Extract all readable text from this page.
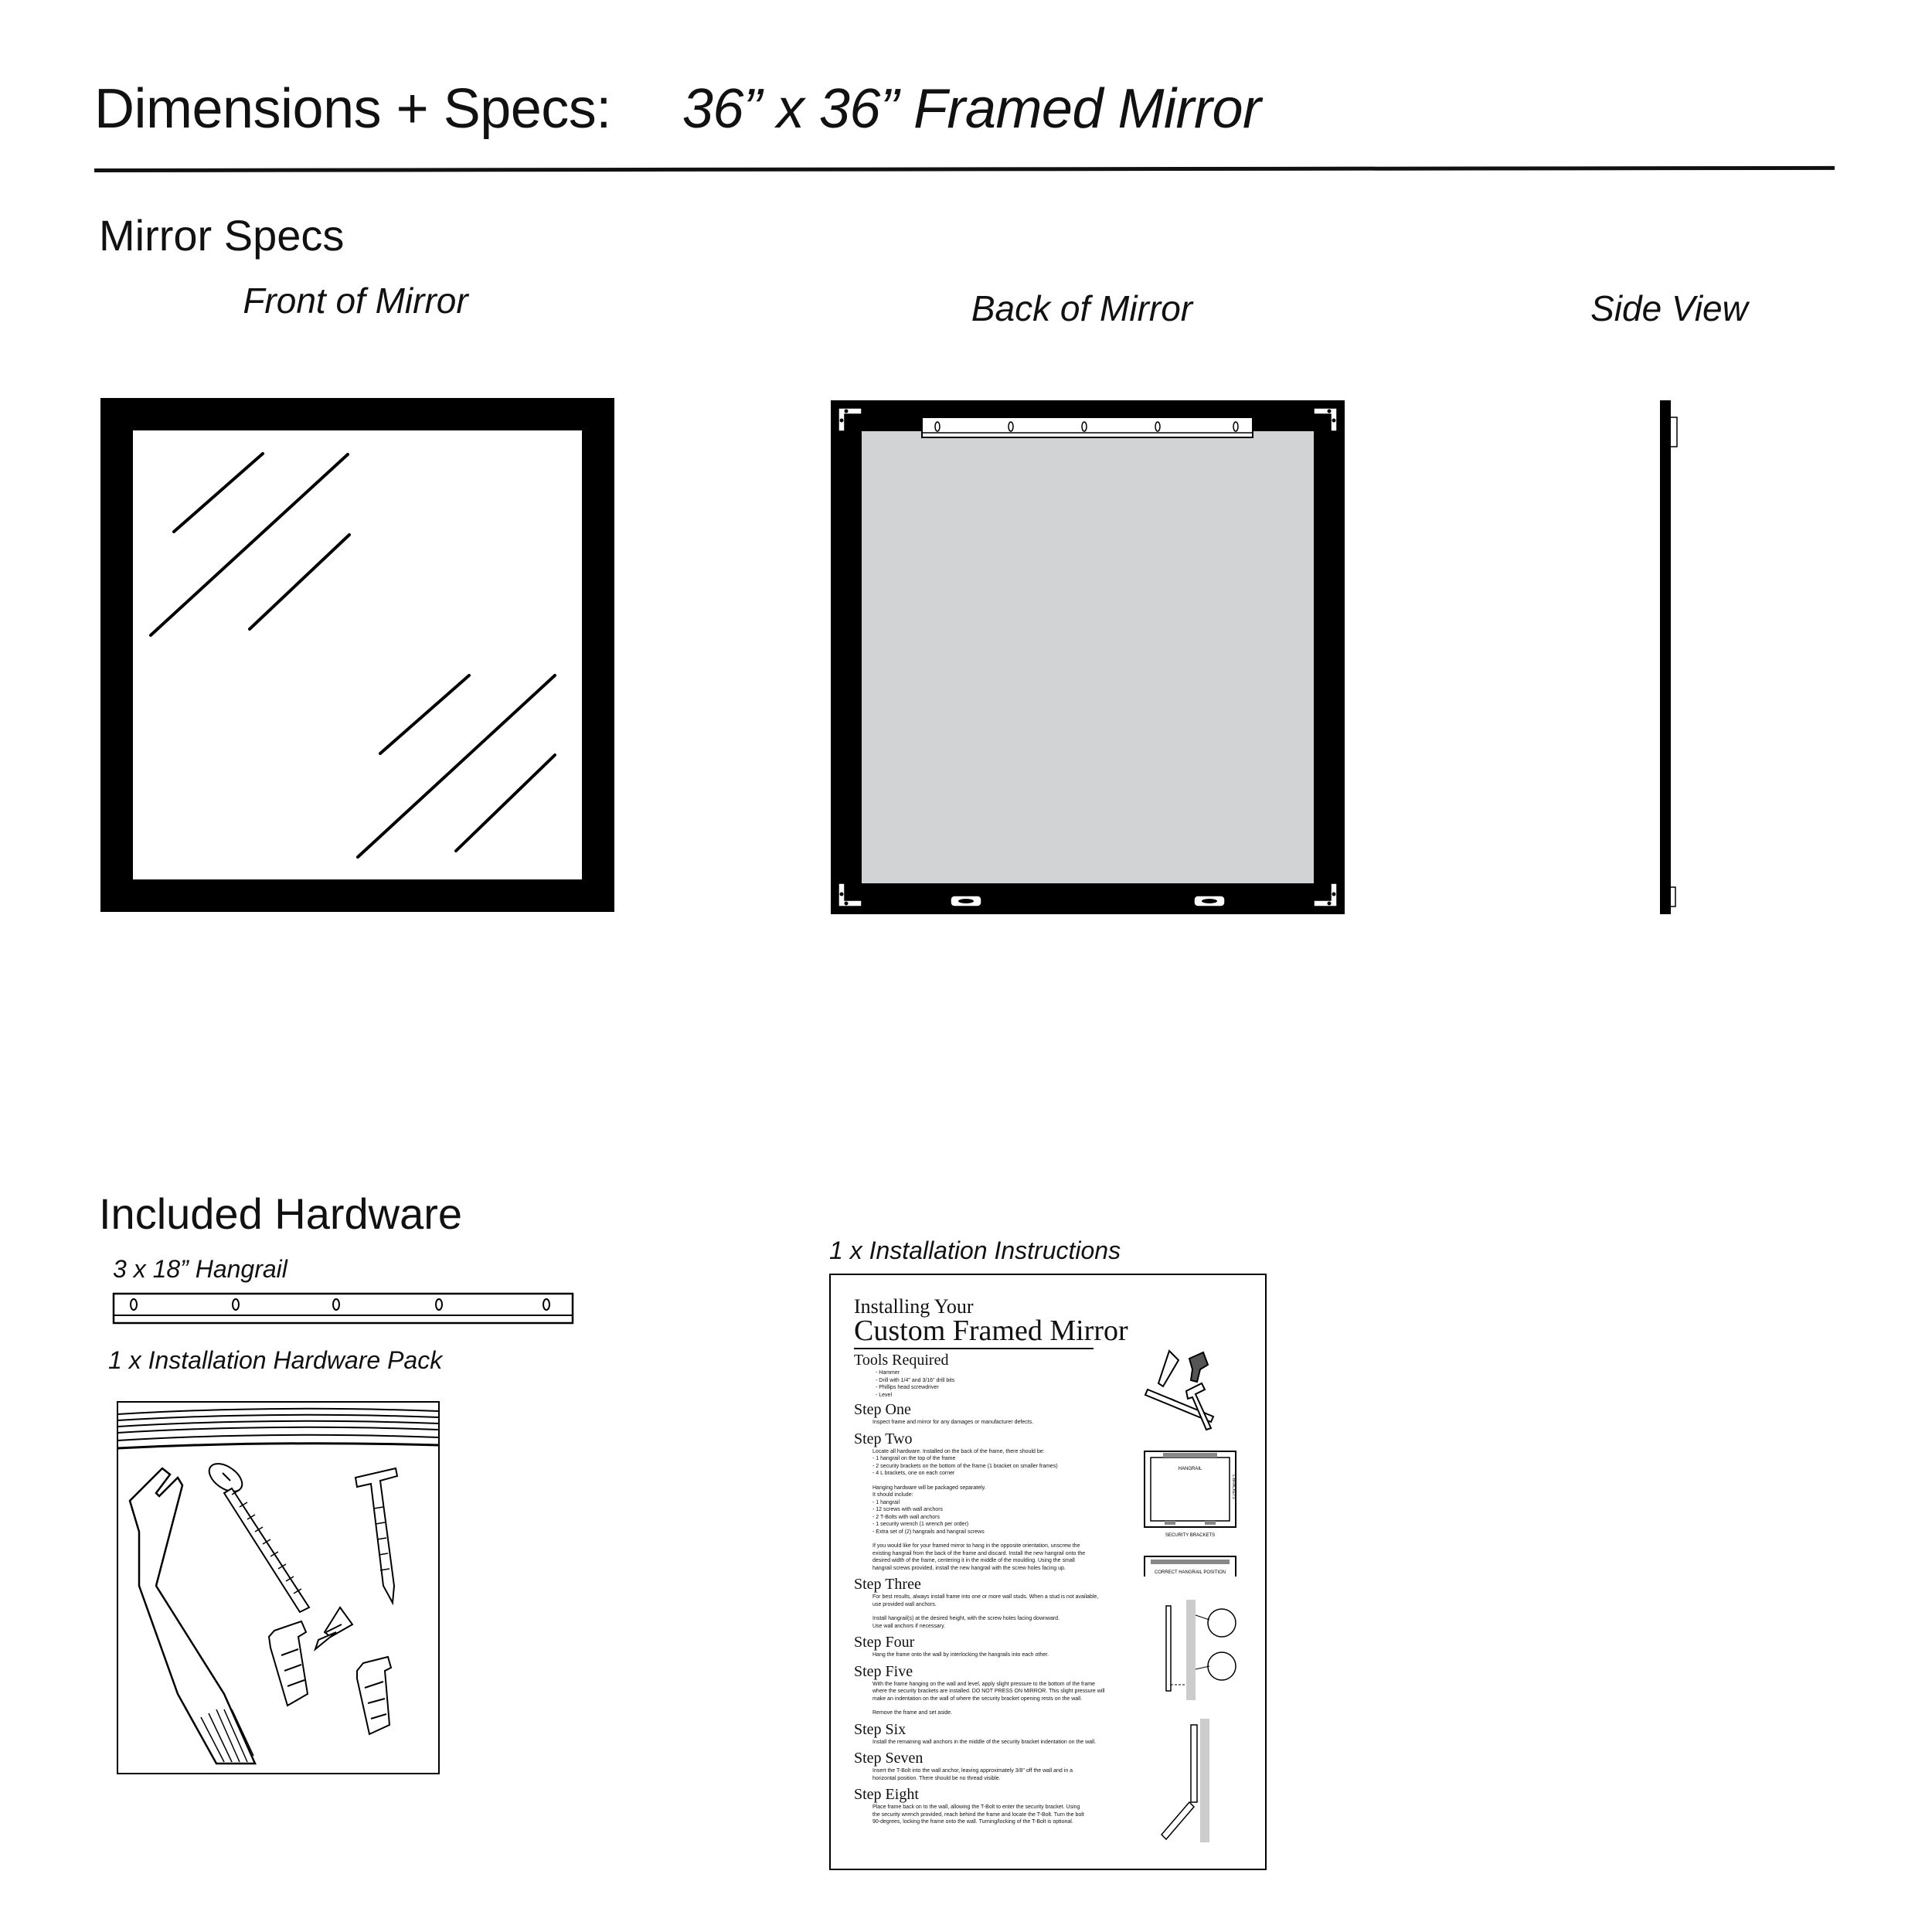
Dimensions + Specs: 36” x 36” Framed Mirror
Mirror Specs
Front of Mirror	Back of Mirror	Side View
Included Hardware
3 x 18” Hangrail
1 x Installation Hardware Pack
1 x Installation Instructions
Installing Your
Custom Framed Mirror
Tools Required
- Hammer
- Drill with 1/4" and 3/16" drill bits
- Phillips head screwdriver
- Level
Step One
Inspect frame and mirror for any damages or manufacturer defects.
Step Two
Locate all hardware. Installed on the back of the frame, there should be:
- 1 hangrail on the top of the frame
- 2 security brackets on the bottom of the frame (1 bracket on smaller frames)
- 4 L brackets, one on each corner
Hanging hardware will be packaged separately.
It should include:
- 1 hangrail
- 12 screws with wall anchors
- 2 T-Bolts with wall anchors
- 1 security wrench (1 wrench per order)
- Extra set of (2) hangrails and hangrail screws
If you would like for your framed mirror to hang in the opposite orientation, unscrew the
existing hangrail from the back of the frame and discard. Install the new hangrail onto the
desired width of the frame, centering it in the middle of the moulding. Using the small
hangrail screws provided, install the new hangrail with the screw holes facing up.
Step Three
For best results, always install frame into one or more wall studs. When a stud is not available,
use provided wall anchors.
Install hangrail(s) at the desired height, with the screw holes facing downward.
Use wall anchors if necessary.
Step Four
Hang the frame onto the wall by interlocking the hangrails into each other.
Step Five
With the frame hanging on the wall and level, apply slight pressure to the bottom of the frame
where the security brackets are installed. DO NOT PRESS ON MIRROR. This slight pressure will
make an indentation on the wall of where the security bracket opening rests on the wall.
Remove the frame and set aside.
Step Six
Install the remaining wall anchors in the middle of the security bracket indentation on the wall.
Step Seven
Insert the T-Bolt into the wall anchor, leaving approximately 3/8" off the wall and in a
horizontal position. There should be no thread visible.
Step Eight
Place frame back on to the wall, allowing the T-Bolt to enter the security bracket. Using
the security wrench provided, reach behind the frame and locate the T-Bolt. Turn the bolt
90-degrees, locking the frame onto the wall. Turning/locking of the T-Bolt is optional.
HANGRAIL
L-BRACKETS
SECURITY BRACKETS
CORRECT HANGRAIL POSITION
